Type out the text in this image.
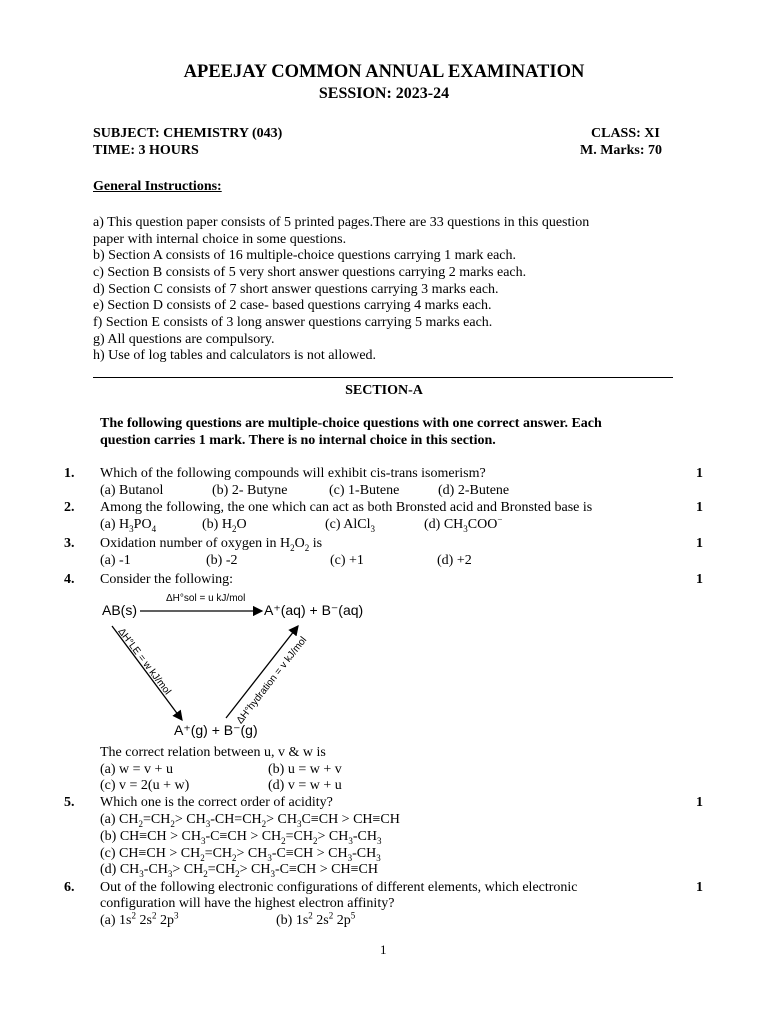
APEEJAY COMMON ANNUAL EXAMINATION
SESSION: 2023-24
SUBJECT: CHEMISTRY (043)	CLASS: XI
TIME: 3 HOURS	M. Marks: 70
General Instructions:
a) This question paper consists of 5 printed pages.There are 33 questions in this question
paper with internal choice in some questions.
b) Section A consists of 16 multiple-choice questions carrying 1 mark each.
c) Section B consists of 5 very short answer questions carrying 2 marks each.
d) Section C consists of 7 short answer questions carrying 3 marks each.
e) Section D consists of 2 case- based questions carrying 4 marks each.
f) Section E consists of 3 long answer questions carrying 5 marks each.
g) All questions are compulsory.
h) Use of log tables and calculators is not allowed.
SECTION-A
The following questions are multiple-choice questions with one correct answer. Each
question carries 1 mark. There is no internal choice in this section.
1. Which of the following compounds will exhibit cis-trans isomerism?	1
(a) Butanol	(b) 2- Butyne	(c) 1-Butene	(d) 2-Butene
2. Among the following, the one which can act as both Bronsted acid and Bronsted base is	1
(a) $H_3PO_4$	(b) $H_2O$	(c) AlCl$_3$	(d) $CH_3COO^-$
3. Oxidation number of oxygen in $H_2O_2$ is	1
(a) -1	(b) -2	(c) +1	(d) +2
4. Consider the following:	1
AB(s)	A⁺(aq) + B⁻(aq)
A⁺(g) + B⁻(g)
ΔH°sol = u kJ/mol
ΔH°LE = w kJ/mol	ΔH°hydration = v kJ/mol
The correct relation between u, v & w is
(a) w = v + u	(b) u = w + v
(c) v = 2(u + w)	(d) v = w + u
5. Which one is the correct order of acidity?	1
(a) $CH_2=CH_2> CH_3-CH=CH_2> CH_3C\equiv CH > CH\equiv CH$
(b) $CH\equiv CH > CH_3-C\equiv CH > CH_2=CH_2> CH_3-CH_3$
(c) $CH\equiv CH > CH_2=CH_2> CH_3-C\equiv CH > CH_3-CH_3$
(d) $CH_3-CH_3> CH_2=CH_2> CH_3-C\equiv CH > CH\equiv CH$
6. Out of the following electronic configurations of different elements, which electronic	1
configuration will have the highest electron affinity?
(a) $1s^2$ $2s^2$ $2p^3$	(b) $1s^2$ $2s^2$ $2p^5$
1
